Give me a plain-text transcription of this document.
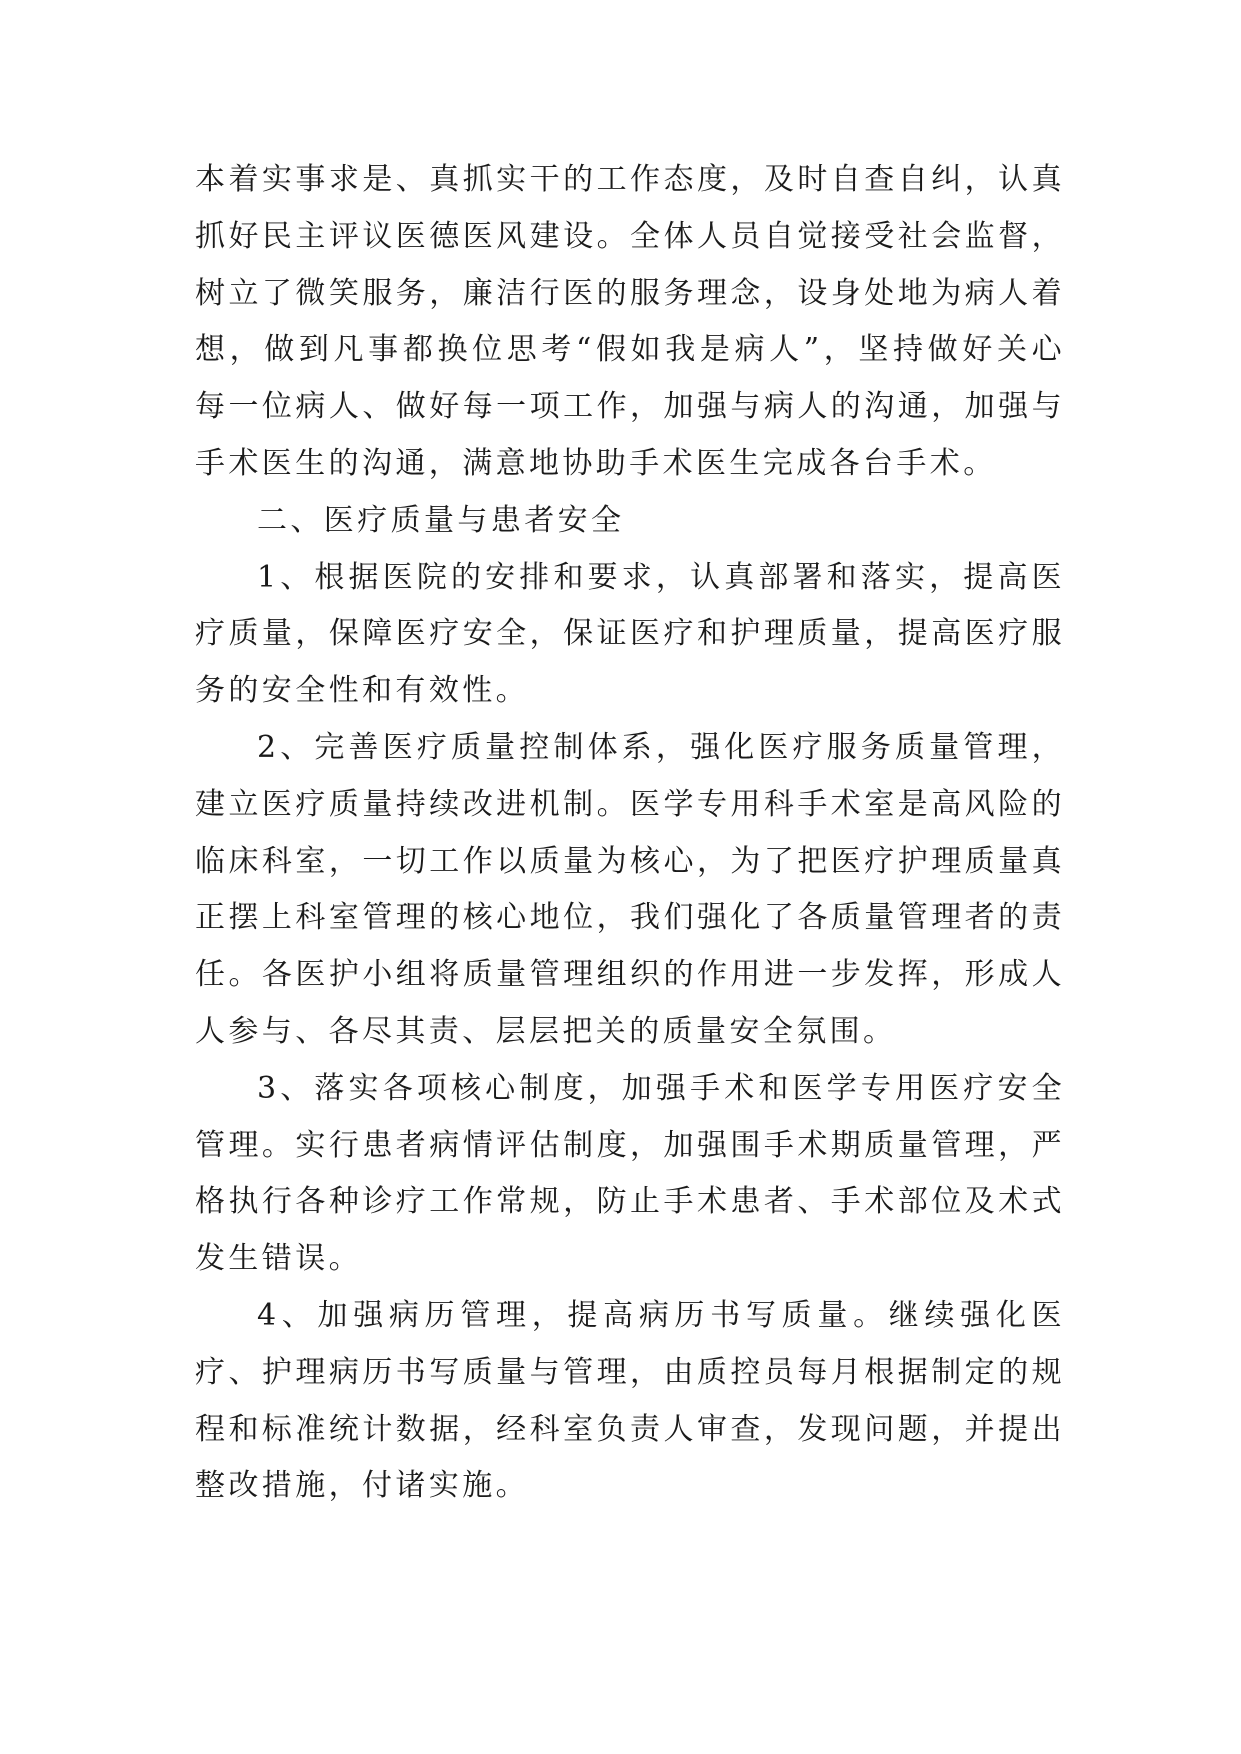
本着实事求是、真抓实干的工作态度，及时自查自纠，认真抓好民主评议医德医风建设。全体人员自觉接受社会监督，树立了微笑服务，廉洁行医的服务理念，设身处地为病人着想，做到凡事都换位思考“假如我是病人”，坚持做好关心每一位病人、做好每一项工作，加强与病人的沟通，加强与手术医生的沟通，满意地协助手术医生完成各台手术。

二、医疗质量与患者安全

1、根据医院的安排和要求，认真部署和落实，提高医疗质量，保障医疗安全，保证医疗和护理质量，提高医疗服务的安全性和有效性。

2、完善医疗质量控制体系，强化医疗服务质量管理，建立医疗质量持续改进机制。医学专用科手术室是高风险的临床科室，一切工作以质量为核心，为了把医疗护理质量真正摆上科室管理的核心地位，我们强化了各质量管理者的责任。各医护小组将质量管理组织的作用进一步发挥，形成人人参与、各尽其责、层层把关的质量安全氛围。

3、落实各项核心制度，加强手术和医学专用医疗安全管理。实行患者病情评估制度，加强围手术期质量管理，严格执行各种诊疗工作常规，防止手术患者、手术部位及术式发生错误。

4、加强病历管理，提高病历书写质量。继续强化医疗、护理病历书写质量与管理，由质控员每月根据制定的规程和标准统计数据，经科室负责人审查，发现问题，并提出整改措施，付诸实施。
